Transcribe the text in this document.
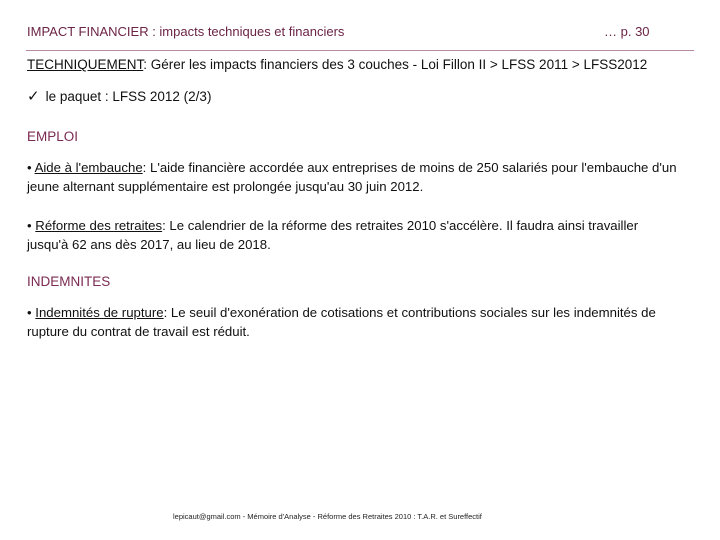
IMPACT FINANCIER : impacts techniques et financiers	… p. 30
TECHNIQUEMENT: Gérer les impacts financiers des 3 couches - Loi Fillon II > LFSS 2011 > LFSS2012
✓ le paquet : LFSS 2012 (2/3)
EMPLOI
• Aide à l'embauche: L'aide financière accordée aux entreprises de moins de 250 salariés pour l'embauche d'un jeune alternant supplémentaire est prolongée jusqu'au 30 juin 2012.
• Réforme des retraites: Le calendrier de la réforme des retraites 2010 s'accélère. Il faudra ainsi travailler jusqu'à 62 ans dès 2017, au lieu de 2018.
INDEMNITES
• Indemnités de rupture: Le seuil d'exonération de cotisations et contributions sociales sur les indemnités de rupture du contrat de travail est réduit.
lepicaut@gmail.com - Mémoire d'Analyse - Réforme des Retraites 2010 : T.A.R. et Sureffectif
